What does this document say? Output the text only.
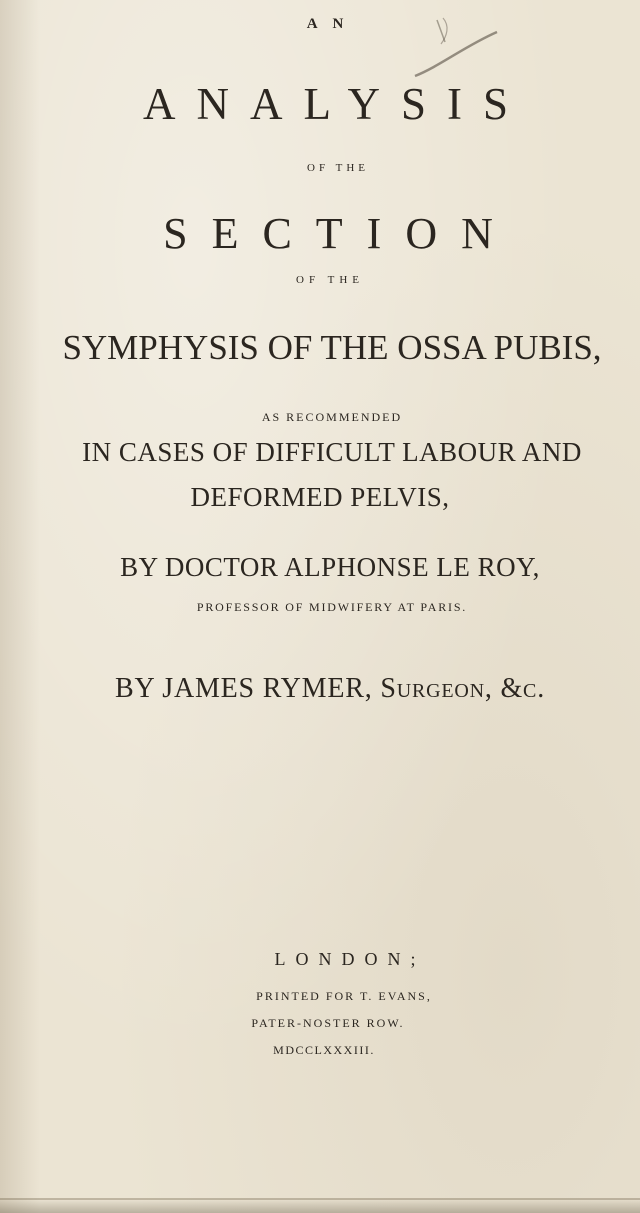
A N
ANALYSIS
OF THE
SECTION
OF THE
SYMPHYSIS OF THE OSSA PUBIS,
AS RECOMMENDED
IN CASES OF DIFFICULT LABOUR AND
DEFORMED PELVIS,
BY DOCTOR ALPHONSE LE ROY,
PROFESSOR OF MIDWIFERY AT PARIS.
BY JAMES RYMER, Surgeon, &c.
LONDON;
PRINTED FOR T. EVANS,
PATER-NOSTER ROW.
MDCCLXXXIII.
